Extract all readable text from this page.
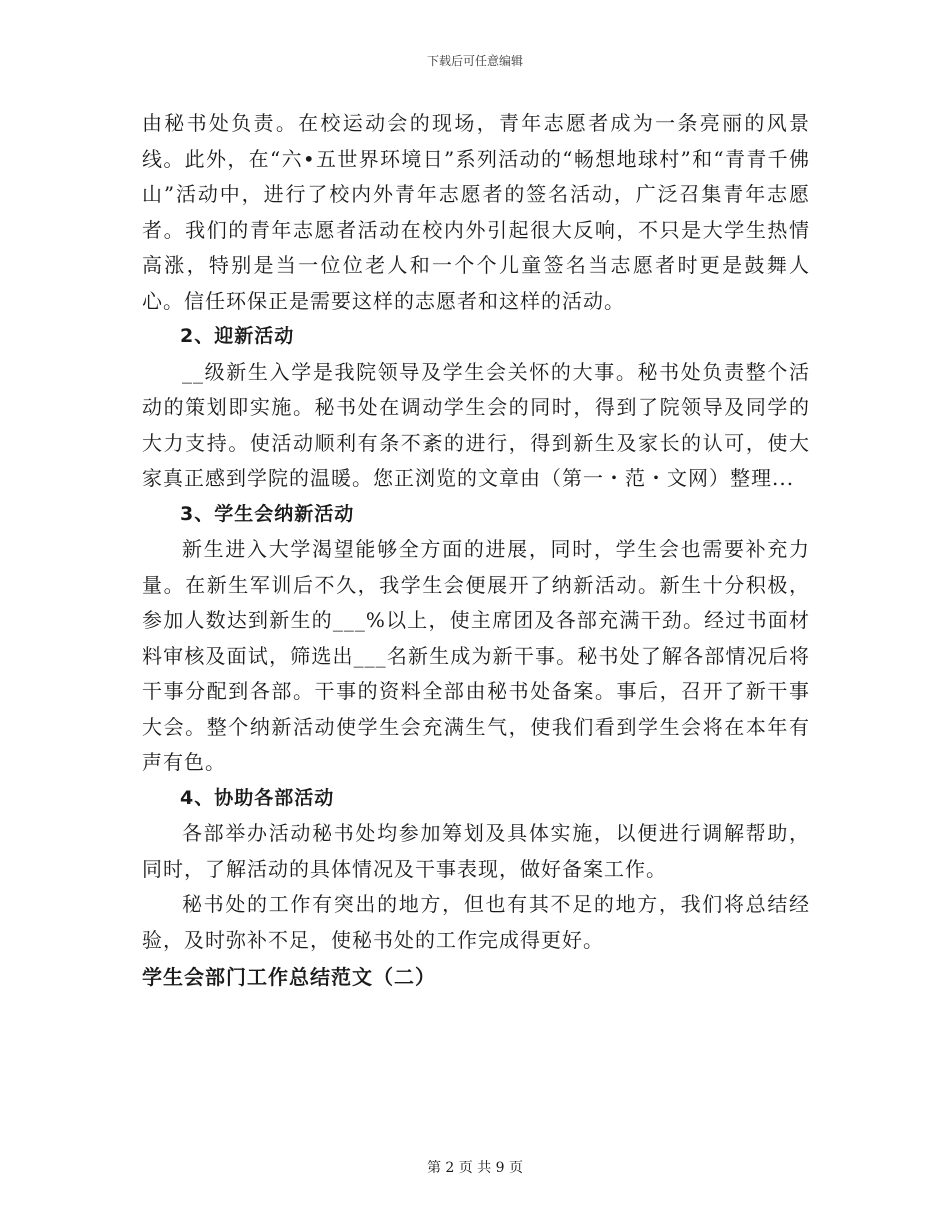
下载后可任意编辑

由秘书处负责。在校运动会的现场，青年志愿者成为一条亮丽的风景线。此外，在“六•五世界环境日”系列活动的“畅想地球村”和“青青千佛山”活动中，进行了校内外青年志愿者的签名活动，广泛召集青年志愿者。我们的青年志愿者活动在校内外引起很大反响，不只是大学生热情高涨，特别是当一位位老人和一个个儿童签名当志愿者时更是鼓舞人心。信任环保正是需要这样的志愿者和这样的活动。

2、迎新活动

__级新生入学是我院领导及学生会关怀的大事。秘书处负责整个活动的策划即实施。秘书处在调动学生会的同时，得到了院领导及同学的大力支持。使活动顺利有条不紊的进行，得到新生及家长的认可，使大家真正感到学院的温暖。您正浏览的文章由（第一・范・文网）整理...

3、学生会纳新活动

新生进入大学渴望能够全方面的进展，同时，学生会也需要补充力量。在新生军训后不久，我学生会便展开了纳新活动。新生十分积极，参加人数达到新生的___%以上，使主席团及各部充满干劲。经过书面材料审核及面试，筛选出___名新生成为新干事。秘书处了解各部情况后将干事分配到各部。干事的资料全部由秘书处备案。事后，召开了新干事大会。整个纳新活动使学生会充满生气，使我们看到学生会将在本年有声有色。

4、协助各部活动

各部举办活动秘书处均参加筹划及具体实施，以便进行调解帮助，同时，了解活动的具体情况及干事表现，做好备案工作。

秘书处的工作有突出的地方，但也有其不足的地方，我们将总结经验，及时弥补不足，使秘书处的工作完成得更好。

学生会部门工作总结范文（二）

第 2 页 共 9 页
